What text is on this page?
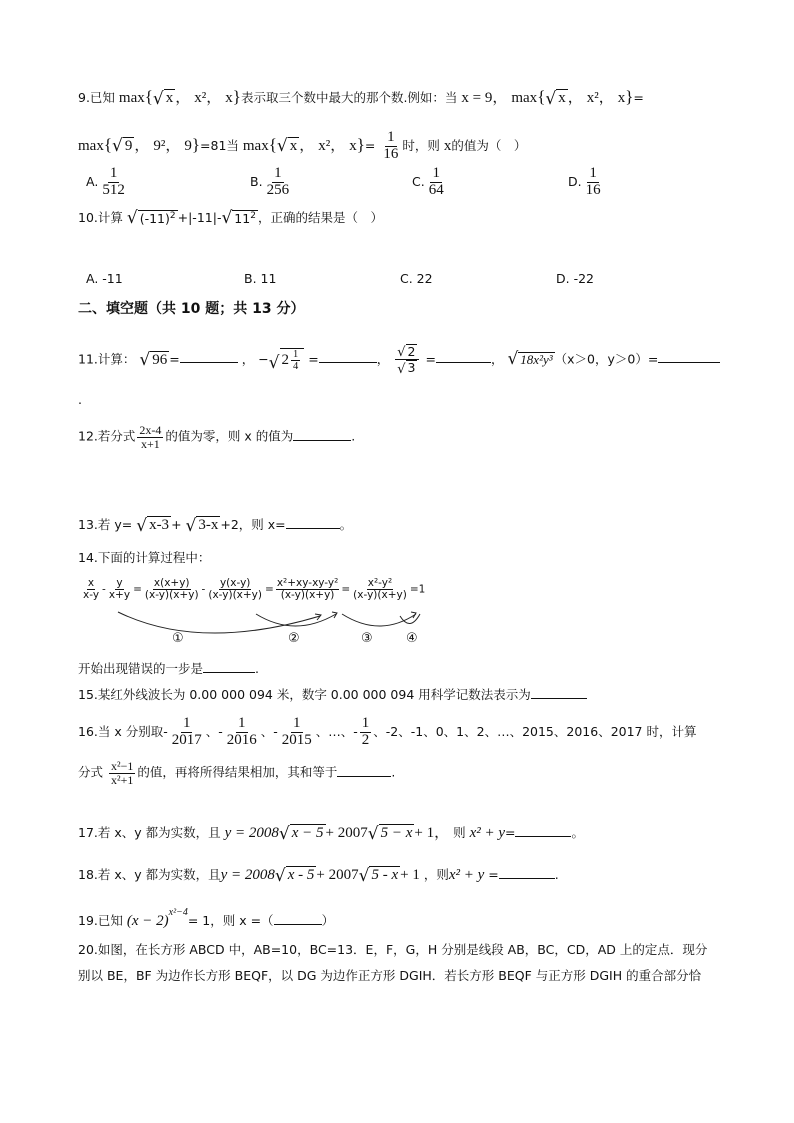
9.已知 max{ √ x ， x²， x}表示取三个数中最大的那个数.例如：当 x = 9， max{ √ x ， x²， x}=
max{ √ 9 ， 9²， 9}=81当 max{ √ x ， x²， $x\}= \frac{1}{16}$ 时，则 x的值为（　）
A. $\frac{1}{512}$	B. $\frac{1}{256}$	C. $\frac{1}{64}$	D. $\frac{1}{16}$
10.计算 √ $(-11)^2 +|-11|-$ √ $11^2$ ，正确的结果是（　）
A. -11	B. 11	C. 22	D. -22
二、填空题（共 10 题；共 13 分）
11.计算： √ 96 =	， − √ $2 \frac{1}{4}$ =	， $\frac{√ 2}{√ 3}$ =	， √ 18x²y³ （x＞0，y＞0）=
.
12.若分式 $\frac{2x-4}{x+1}$ 的值为零，则 x 的值为	.
13.若 y= √ x-3 + √ 3-x +2，则 x=	。
14.下面的计算过程中：
$\frac{x}{x-y} - \frac{y}{x+y} = \frac{x(x+y)}{(x-y)(x+y)} - \frac{y(x-y)}{(x-y)(x+y)} = \frac{\text{x²+xy-xy-y²}}{(x-y)(x+y)} = \frac{\text{x²-y²}}{(x-y)(x+y)} =1$
①	②	③	④
开始出现错误的一步是	.
15.某红外线波长为 0.00 000 094 米，数字 0.00 000 094 用科学记数法表示为
16.当 x 分别取- $\frac{1}{2017}$ 、- $\frac{1}{2016}$ 、- $\frac{1}{2015}$ 、…、- $\frac{1}{2}$ 、-2、-1、0、1、2、…、2015、2016、2017 时，计算
分式 $\frac{\text{x²−1}}{\text{x²+1}}$ 的值，再将所得结果相加，其和等于	.
17.若 x、y 都为实数，且 y = 2008 √ x − 5 + 2007 √ 5 − x + 1， 则 x² + y=	。
18.若 x、y 都为实数，且y = 2008 √ x - 5 + 2007 √ 5 - x + 1 ，则x² + y =	.
19.已知 $(x - 2)^{x^2-4}= 1$，则 x =（	）
20.如图，在长方形 ABCD 中，AB=10，BC=13．E，F，G，H 分别是线段 AB，BC，CD，AD 上的定点．现分
别以 BE，BF 为边作长方形 BEQF，以 DG 为边作正方形 DGIH．若长方形 BEQF 与正方形 DGIH 的重合部分恰
